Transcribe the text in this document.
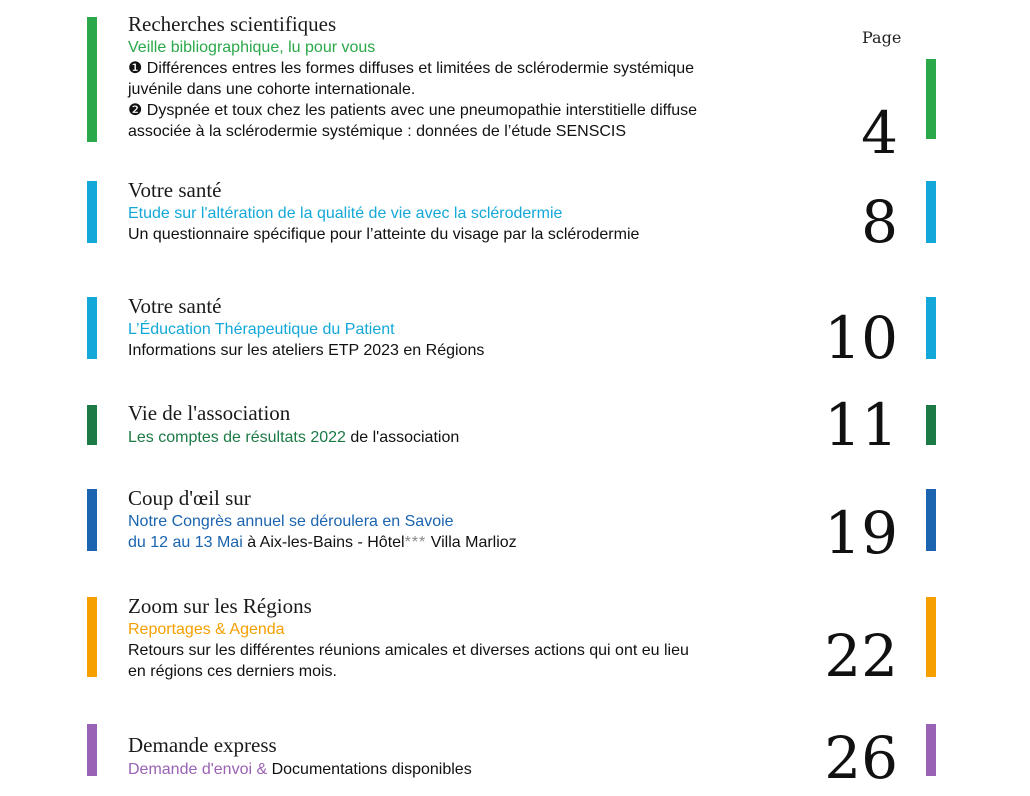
Page
Recherches scientifiques
Veille bibliographique, lu pour vous
❶ Différences entres les formes diffuses et limitées de sclérodermie systémique
juvénile dans une cohorte internationale.
❷ Dyspnée et toux chez les patients avec une pneumopathie interstitielle diffuse
associée à la sclérodermie systémique : données de l’étude SENSCIS	4
Votre santé
Etude sur l'altération de la qualité de vie avec la sclérodermie
Un questionnaire spécifique pour l’atteinte du visage par la sclérodermie	8
Votre santé
L’Éducation Thérapeutique du Patient
Informations sur les ateliers ETP 2023 en Régions	10
Vie de l'association
Les comptes de résultats 2022 de l'association	11
Coup d'œil sur
Notre Congrès annuel se déroulera en Savoie
du 12 au 13 Mai à Aix-les-Bains - Hôtel*** Villa Marlioz	19
Zoom sur les Régions
Reportages & Agenda
Retours sur les différentes réunions amicales et diverses actions qui ont eu lieu
en régions ces derniers mois.	22
Demande express
Demande d'envoi & Documentations disponibles	26
